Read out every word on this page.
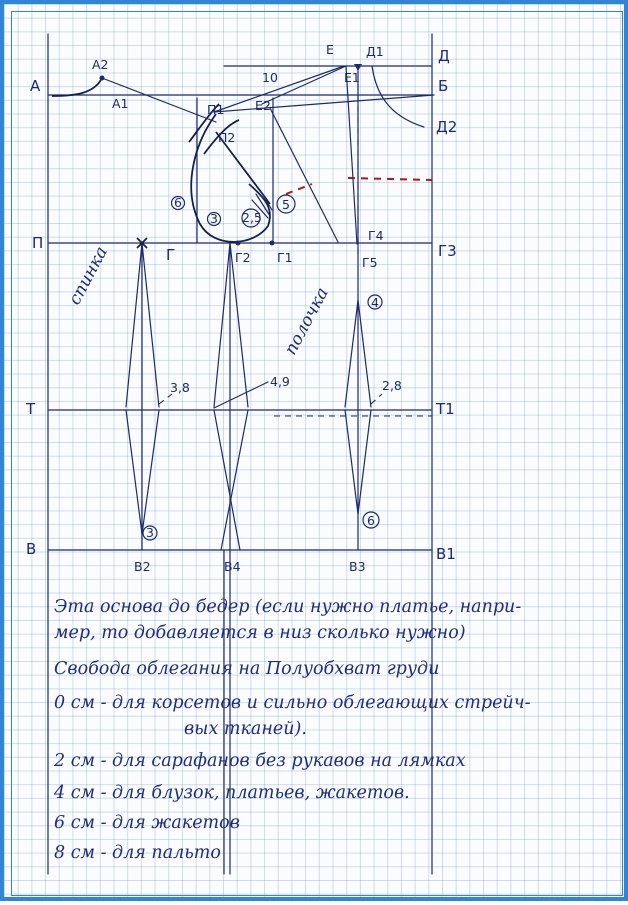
А
А1
А2
Е	Д1	Д
Б
Е1
Д2
10
П1
П2
Е2
6
3 2,5
5
П
Г	Г2 Г1
Г4
Г5
Г3
4
3,8	4,9	2,8
Т	Т1
3
6
В
В2	В4	В3
В1
спинка
полочка
Эта основа до бедер (если нужно платье, напри-
мер, то добавляется в низ сколько нужно)
Свобода облегания на Полуобхват груди
0 см - для корсетов и сильно облегающих стрейч-
вых тканей).
2 см - для сарафанов без рукавов на лямках
4 см - для блузок, платьев, жакетов.
6 см - для жакетов
8 см - для пальто
